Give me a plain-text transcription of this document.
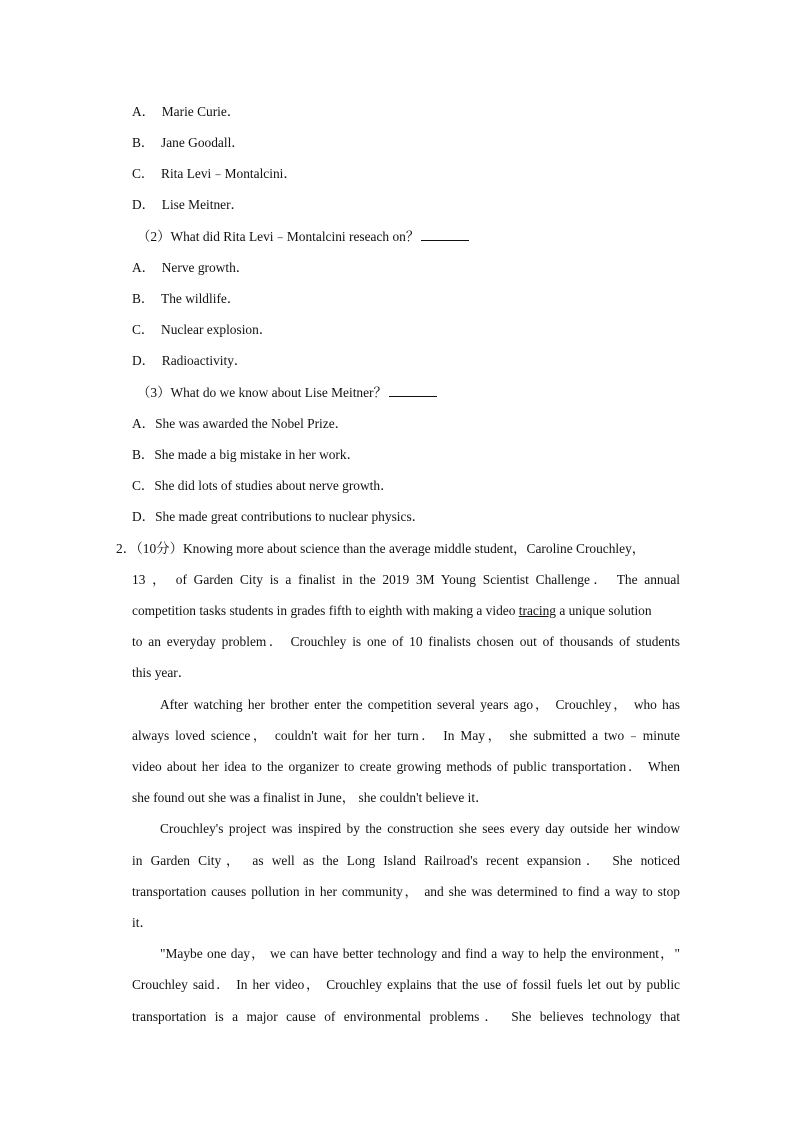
A． Marie Curie．
B． Jane Goodall．
C． Rita Levi﹣Montalcini．
D． Lise Meitner．
（2）What did Rita Levi﹣Montalcini reseach on？
A． Nerve growth．
B． The wildlife．
C． Nuclear explosion．
D． Radioactivity．
（3）What do we know about Lise Meitner？
A．She was awarded the Nobel Prize．
B．She made a big mistake in her work．
C．She did lots of studies about nerve growth．
D．She made great contributions to nuclear physics．
2．（10分）Knowing more about science than the average middle student，Caroline Crouchley，
13 ， of Garden City is a finalist in the 2019 3M Young Scientist Challenge． The annual
competition tasks students in grades fifth to eighth with making a video tracing a unique solution
to an everyday problem． Crouchley is one of 10 finalists chosen out of thousands of students
this year．
After watching her brother enter the competition several years ago， Crouchley， who has
always loved science， couldn't wait for her turn． In May， she submitted a two﹣minute
video about her idea to the organizer to create growing methods of public transportation． When
she found out she was a finalist in June， she couldn't believe it．
Crouchley's project was inspired by the construction she sees every day outside her window
in Garden City， as well as the Long Island Railroad's recent expansion． She noticed
transportation causes pollution in her community， and she was determined to find a way to stop
it．
"Maybe one day， we can have better technology and find a way to help the environment，"
Crouchley said． In her video， Crouchley explains that the use of fossil fuels let out by public
transportation is a major cause of environmental problems． She believes technology that
